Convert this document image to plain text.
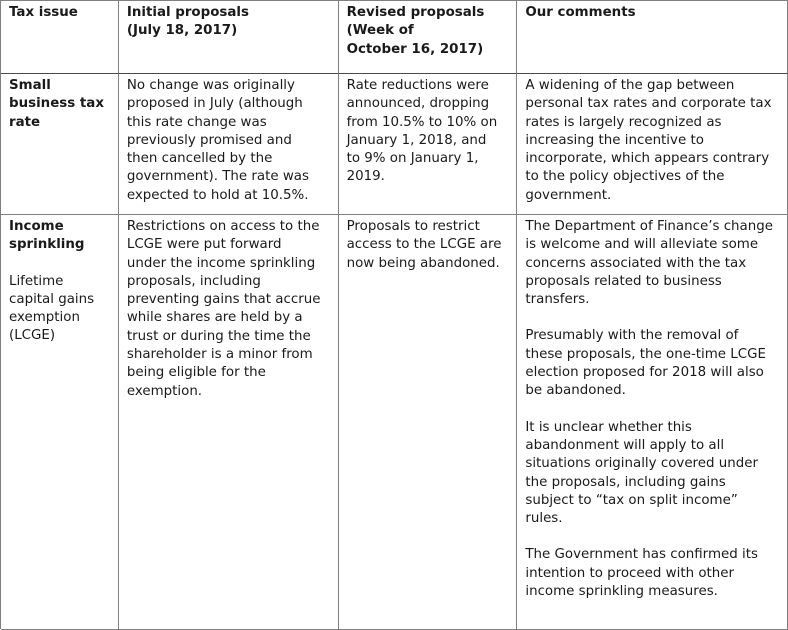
Tax issue	Initial proposals
(July 18, 2017)
Revised proposals
(Week of
October 16, 2017)
Our comments
Small
business tax
rate

No change was originally
proposed in July (although
this rate change was
previously promised and
then cancelled by the
government). The rate was
expected to hold at 10.5%.

Rate reductions were
announced, dropping
from 10.5% to 10% on
January 1, 2018, and
to 9% on January 1,
2019.

A widening of the gap between
personal tax rates and corporate tax
rates is largely recognized as
increasing the incentive to
incorporate, which appears contrary
to the policy objectives of the
government.

Income
sprinkling
Lifetime
capital gains
exemption
(LCGE)

Restrictions on access to the
LCGE were put forward
under the income sprinkling
proposals, including
preventing gains that accrue
while shares are held by a
trust or during the time the
shareholder is a minor from
being eligible for the
exemption.

Proposals to restrict
access to the LCGE are
now being abandoned.

The Department of Finance’s change
is welcome and will alleviate some
concerns associated with the tax
proposals related to business
transfers.

Presumably with the removal of
these proposals, the one-time LCGE
election proposed for 2018 will also
be abandoned.

It is unclear whether this
abandonment will apply to all
situations originally covered under
the proposals, including gains
subject to “tax on split income”
rules.

The Government has confirmed its
intention to proceed with other
income sprinkling measures.
